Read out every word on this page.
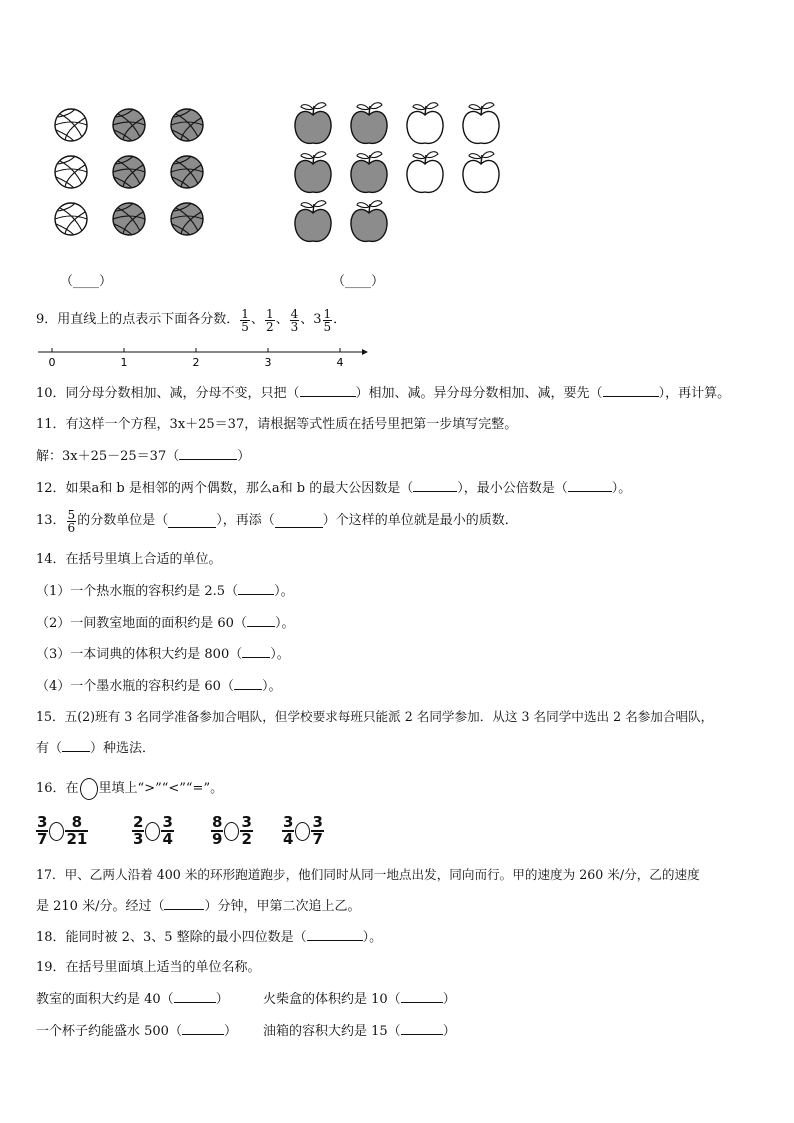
（____）	（____）
9．用直线上的点表示下面各分数． $\frac{1}{5}$ 、 $\frac{1}{2}$ 、 $\frac{4}{3}$ 、 $3 \frac{1}{5}$ ．
0	1	2	3	4
10．同分母分数相加、减，分母不变，只把（	）相加、减。异分母分数相加、减，要先（	），再计算。
11．有这样一个方程，3x＋25＝37，请根据等式性质在括号里把第一步填写完整。
解：3x＋25－25＝37（	）
12．如果a和 b 是相邻的两个偶数，那么a和 b 的最大公因数是（	），最小公倍数是（	）。
13． $\frac{5}{6}$ 的分数单位是（	），再添（	）个这样的单位就是最小的质数．
14．在括号里填上合适的单位。
（1）一个热水瓶的容积约是 2.5（	）。
（2）一间教室地面的面积约是 60（ ）。
（3）一本词典的体积大约是 800（ ）。
（4）一个墨水瓶的容积约是 60（ ）。
15．五(2)班有 3 名同学准备参加合唱队，但学校要求每班只能派 2 名同学参加．从这 3 名同学中选出 2 名参加合唱队，
有（ ）种选法．
16．在 里填上“>”“<”“=”。
$\frac{3}{7} \frac{8}{21}$	$\frac{2}{3} \frac{3}{4} \frac{8}{9} \frac{3}{2} \frac{3}{4} \frac{3}{7}$
17．甲、乙两人沿着 400 米的环形跑道跑步，他们同时从同一地点出发，同向而行。甲的速度为 260 米/分，乙的速度
是 210 米/分。经过（	）分钟，甲第二次追上乙。
18．能同时被 2、3、5 整除的最小四位数是（	）。
19．在括号里面填上适当的单位名称。
教室的面积大约是 40（	）	火柴盒的体积约是 10（	）
一个杯子约能盛水 500（	） 油箱的容积大约是 15（	）
